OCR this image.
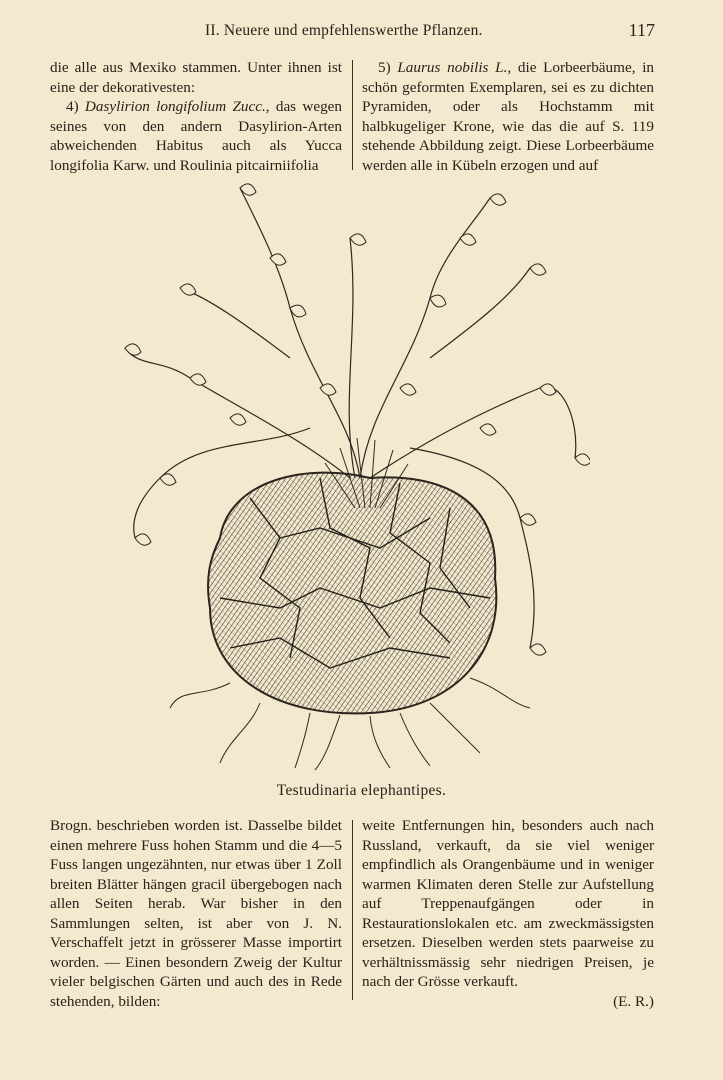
II. Neuere und empfehlenswerthe Pflanzen.	117

die alle aus Mexiko stammen. Unter ihnen ist eine der dekorativesten:

4) Dasylirion longifolium Zucc., das wegen seines von den andern Dasylirion-Arten abweichenden Habitus auch als Yucca longifolia Karw. und Roulinia pitcairniifolia

5) Laurus nobilis L., die Lorbeerbäume, in schön geformten Exemplaren, sei es zu dichten Pyramiden, oder als Hochstamm mit halbkugeliger Krone, wie das die auf S. 119 stehende Abbildung zeigt. Diese Lorbeerbäume werden alle in Kübeln erzogen und auf

Testudinaria elephantipes.

Brogn. beschrieben worden ist. Dasselbe bildet einen mehrere Fuss hohen Stamm und die 4—5 Fuss langen ungezähnten, nur etwas über 1 Zoll breiten Blätter hängen gracil übergebogen nach allen Seiten herab. War bisher in den Sammlungen selten, ist aber von J. N. Verschaffelt jetzt in grösserer Masse importirt worden. — Einen besondern Zweig der Kultur vieler belgischen Gärten und auch des in Rede stehenden, bilden:

weite Entfernungen hin, besonders auch nach Russland, verkauft, da sie viel weniger empfindlich als Orangenbäume und in weniger warmen Klimaten deren Stelle zur Aufstellung auf Treppenaufgängen oder in Restaurationslokalen etc. am zweckmässigsten ersetzen. Dieselben werden stets paarweise zu verhältnissmässig sehr niedrigen Preisen, je nach der Grösse verkauft.

(E. R.)
